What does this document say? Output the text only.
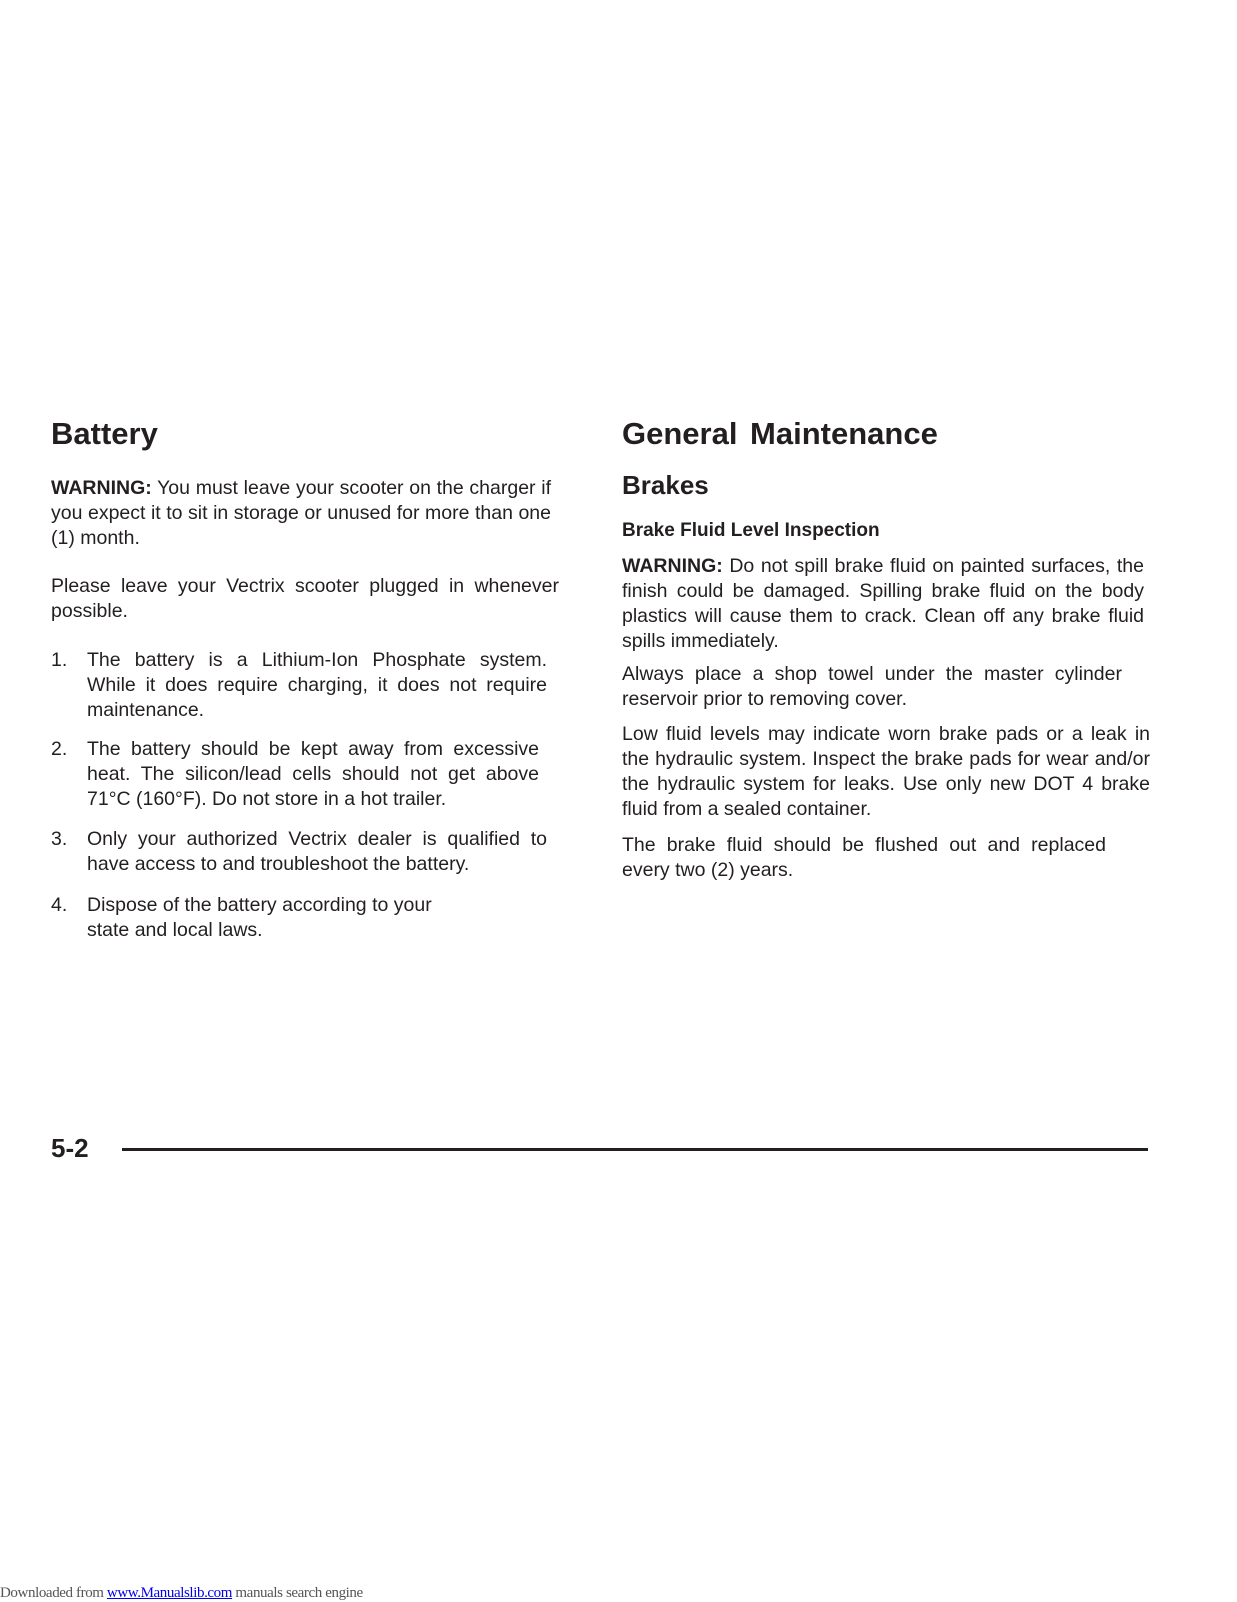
Battery

WARNING: You must leave your scooter on the charger if you expect it to sit in storage or unused for more than one (1) month.

Please leave your Vectrix scooter plugged in whenever possible.

1. The battery is a Lithium-Ion Phosphate system. While it does require charging, it does not require maintenance.
2. The battery should be kept away from excessive heat. The silicon/lead cells should not get above 71°C (160°F). Do not store in a hot trailer.
3. Only your authorized Vectrix dealer is qualified to have access to and troubleshoot the battery.
4. Dispose of the battery according to your state and local laws.
General Maintenance
Brakes
Brake Fluid Level Inspection

WARNING: Do not spill brake fluid on painted surfaces, the finish could be damaged. Spilling brake fluid on the body plastics will cause them to crack. Clean off any brake fluid spills immediately.

Always place a shop towel under the master cylinder reservoir prior to removing cover.

Low fluid levels may indicate worn brake pads or a leak in the hydraulic system. Inspect the brake pads for wear and/or the hydraulic system for leaks. Use only new DOT 4 brake fluid from a sealed container.

The brake fluid should be flushed out and replaced every two (2) years.

5-2
Downloaded from www.Manualslib.com manuals search engine
